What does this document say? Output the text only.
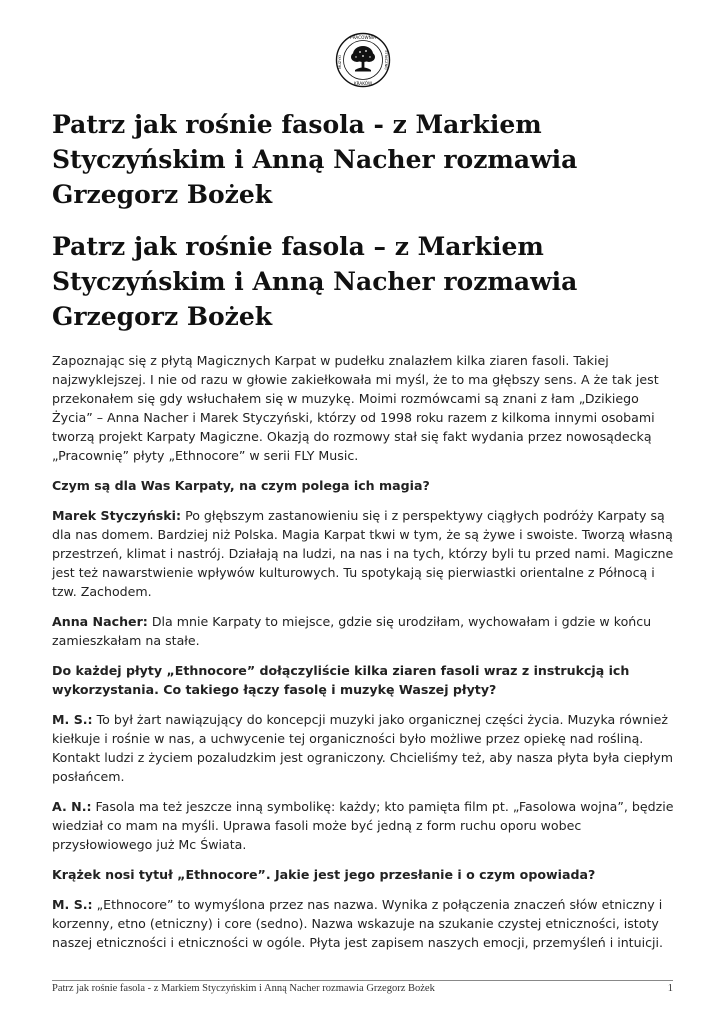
PRACOWNIA
KRAKÓW
MUZYKI	ETNICZNEJ
Patrz jak rośnie fasola - z Markiem Styczyńskim i Anną Nacher rozmawia Grzegorz Bożek
Patrz jak rośnie fasola – z Markiem Styczyńskim i Anną Nacher rozmawia Grzegorz Bożek

Zapoznając się z płytą Magicznych Karpat w pudełku znalazłem kilka ziaren fasoli. Takiej najzwyklejszej. I nie od razu w głowie zakiełkowała mi myśl, że to ma głębszy sens. A że tak jest przekonałem się gdy wsłuchałem się w muzykę. Moimi rozmówcami są znani z łam „Dzikiego Życia” – Anna Nacher i Marek Styczyński, którzy od 1998 roku razem z kilkoma innymi osobami tworzą projekt Karpaty Magiczne. Okazją do rozmowy stał się fakt wydania przez nowosądecką „Pracownię” płyty „Ethnocore” w serii FLY Music.

Czym są dla Was Karpaty, na czym polega ich magia?

Marek Styczyński: Po głębszym zastanowieniu się i z perspektywy ciągłych podróży Karpaty są dla nas domem. Bardziej niż Polska. Magia Karpat tkwi w tym, że są żywe i swoiste. Tworzą własną przestrzeń, klimat i nastrój. Działają na ludzi, na nas i na tych, którzy byli tu przed nami. Magiczne jest też nawarstwienie wpływów kulturowych. Tu spotykają się pierwiastki orientalne z Północą i tzw. Zachodem.

Anna Nacher: Dla mnie Karpaty to miejsce, gdzie się urodziłam, wychowałam i gdzie w końcu zamieszkałam na stałe.

Do każdej płyty „Ethnocore” dołączyliście kilka ziaren fasoli wraz z instrukcją ich wykorzystania. Co takiego łączy fasolę i muzykę Waszej płyty?

M. S.: To był żart nawiązujący do koncepcji muzyki jako organicznej części życia. Muzyka również kiełkuje i rośnie w nas, a uchwycenie tej organiczności było możliwe przez opiekę nad rośliną. Kontakt ludzi z życiem pozaludzkim jest ograniczony. Chcieliśmy też, aby nasza płyta była ciepłym posłańcem.

A. N.: Fasola ma też jeszcze inną symbolikę: każdy; kto pamięta film pt. „Fasolowa wojna”, będzie wiedział co mam na myśli. Uprawa fasoli może być jedną z form ruchu oporu wobec przysłowiowego już Mc Świata.

Krążek nosi tytuł „Ethnocore”. Jakie jest jego przesłanie i o czym opowiada?

M. S.: „Ethnocore” to wymyślona przez nas nazwa. Wynika z połączenia znaczeń słów etniczny i korzenny, etno (etniczny) i core (sedno). Nazwa wskazuje na szukanie czystej etniczności, istoty naszej etniczności i etniczności w ogóle. Płyta jest zapisem naszych emocji, przemyśleń i intuicji.

Patrz jak rośnie fasola - z Markiem Styczyńskim i Anną Nacher rozmawia Grzegorz Bożek	1
